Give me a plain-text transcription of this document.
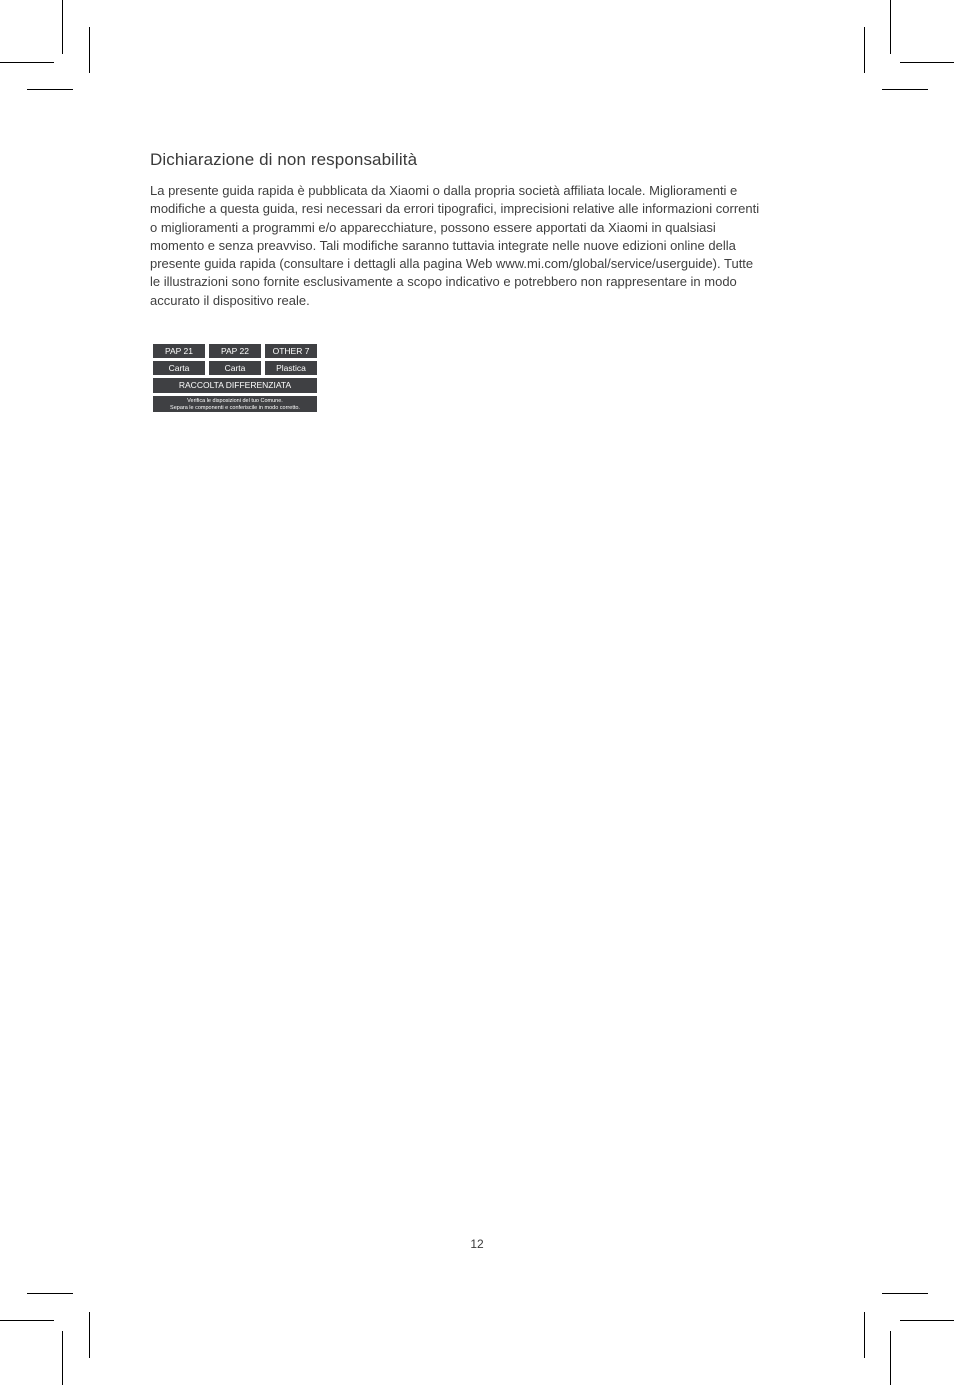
Dichiarazione di non responsabilità

La presente guida rapida è pubblicata da Xiaomi o dalla propria società affiliata locale. Miglioramenti e
modifiche a questa guida, resi necessari da errori tipografici, imprecisioni relative alle informazioni correnti
o miglioramenti a programmi e/o apparecchiature, possono essere apportati da Xiaomi in qualsiasi
momento e senza preavviso. Tali modifiche saranno tuttavia integrate nelle nuove edizioni online della
presente guida rapida (consultare i dettagli alla pagina Web www.mi.com/global/service/userguide). Tutte
le illustrazioni sono fornite esclusivamente a scopo indicativo e potrebbero non rappresentare in modo
accurato il dispositivo reale.

PAP 21	PAP 22	OTHER 7
Carta	Carta	Plastica
RACCOLTA DIFFERENZIATA
Verifica le disposizioni del tuo Comune.
Separa le componenti e conferiscile in modo corretto.
12
